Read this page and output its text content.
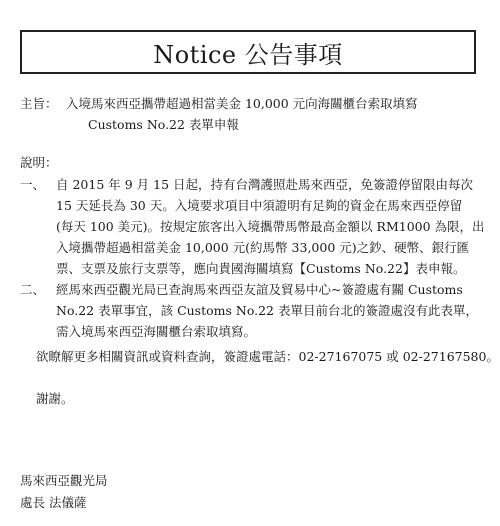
Notice 公告事項
主旨： 入境馬來西亞攜帶超過相當美金 10,000 元向海關櫃台索取填寫
Customs No.22 表單申報
說明：
一、 自 2015 年 9 月 15 日起，持有台灣護照赴馬來西亞，免簽證停留限由每次
15 天延長為 30 天。入境要求項目中須證明有足夠的資金在馬來西亞停留
(每天 100 美元)。按規定旅客出入境攜帶馬幣最高金額以 RM1000 為限，出
入境攜帶超過相當美金 10,000 元(約馬幣 33,000 元)之鈔、硬幣、銀行匯
票、支票及旅行支票等，應向貴國海關填寫【Customs No.22】表申報。
二、 經馬來西亞觀光局已查詢馬來西亞友誼及貿易中心~簽證處有關 Customs
No.22 表單事宜，該 Customs No.22 表單目前台北的簽證處沒有此表單，
需入境馬來西亞海關櫃台索取填寫。
欲瞭解更多相關資訊或資料查詢，簽證處電話：02-27167075 或 02-27167580。
謝謝。
馬來西亞觀光局
處長 法儀薩
